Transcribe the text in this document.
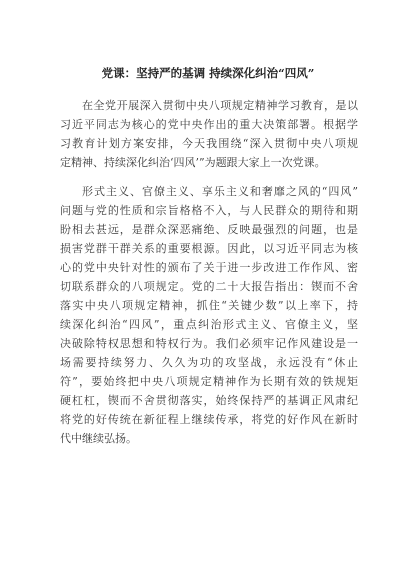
党课：坚持严的基调 持续深化纠治“四风”

在全党开展深入贯彻中央八项规定精神学习教育，是以
习近平同志为核心的党中央作出的重大决策部署。根据学
习教育计划方案安排，今天我围绕“深入贯彻中央八项规
定精神、持续深化纠治‘四风’”为题跟大家上一次党课。

形式主义、官僚主义、享乐主义和奢靡之风的“四风”
问题与党的性质和宗旨格格不入，与人民群众的期待和期
盼相去甚远，是群众深恶痛绝、反映最强烈的问题，也是
损害党群干群关系的重要根源。因此，以习近平同志为核
心的党中央针对性的颁布了关于进一步改进工作作风、密
切联系群众的八项规定。党的二十大报告指出：锲而不舍
落实中央八项规定精神，抓住“关键少数”以上率下，持
续深化纠治“四风”，重点纠治形式主义、官僚主义，坚
决破除特权思想和特权行为。我们必须牢记作风建设是一
场需要持续努力、久久为功的攻坚战，永远没有“休止
符”，要始终把中央八项规定精神作为长期有效的铁规矩
硬杠杠，锲而不舍贯彻落实，始终保持严的基调正风肃纪
将党的好传统在新征程上继续传承，将党的好作风在新时
代中继续弘扬。
